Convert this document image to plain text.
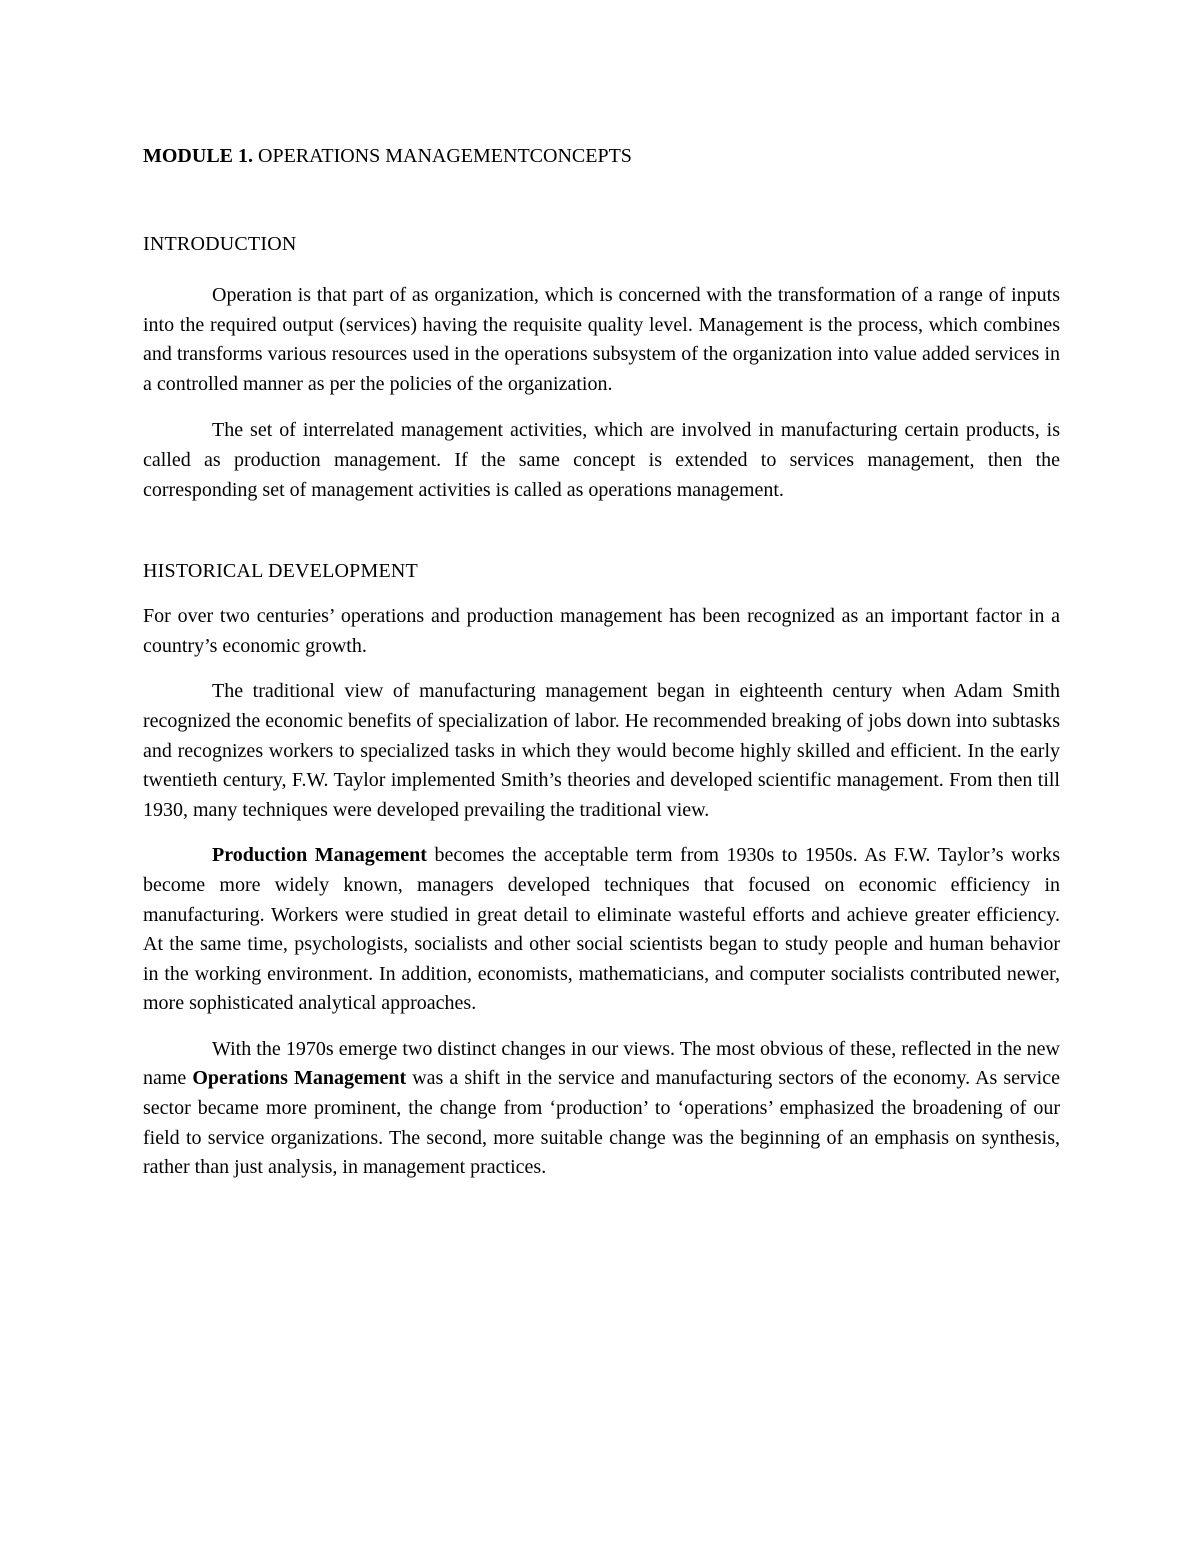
MODULE 1. OPERATIONS MANAGEMENTCONCEPTS
INTRODUCTION

Operation is that part of as organization, which is concerned with the transformation of a range of inputs into the required output (services) having the requisite quality level. Management is the process, which combines and transforms various resources used in the operations subsystem of the organization into value added services in a controlled manner as per the policies of the organization.

The set of interrelated management activities, which are involved in manufacturing certain products, is called as production management. If the same concept is extended to services management, then the corresponding set of management activities is called as operations management.

HISTORICAL DEVELOPMENT

For over two centuries’ operations and production management has been recognized as an important factor in a country’s economic growth.

The traditional view of manufacturing management began in eighteenth century when Adam Smith recognized the economic benefits of specialization of labor. He recommended breaking of jobs down into subtasks and recognizes workers to specialized tasks in which they would become highly skilled and efficient. In the early twentieth century, F.W. Taylor implemented Smith’s theories and developed scientific management. From then till 1930, many techniques were developed prevailing the traditional view.

Production Management becomes the acceptable term from 1930s to 1950s. As F.W. Taylor’s works become more widely known, managers developed techniques that focused on economic efficiency in manufacturing. Workers were studied in great detail to eliminate wasteful efforts and achieve greater efficiency. At the same time, psychologists, socialists and other social scientists began to study people and human behavior in the working environment. In addition, economists, mathematicians, and computer socialists contributed newer, more sophisticated analytical approaches.

With the 1970s emerge two distinct changes in our views. The most obvious of these, reflected in the new name Operations Management was a shift in the service and manufacturing sectors of the economy. As service sector became more prominent, the change from ‘production’ to ‘operations’ emphasized the broadening of our field to service organizations. The second, more suitable change was the beginning of an emphasis on synthesis, rather than just analysis, in management practices.
